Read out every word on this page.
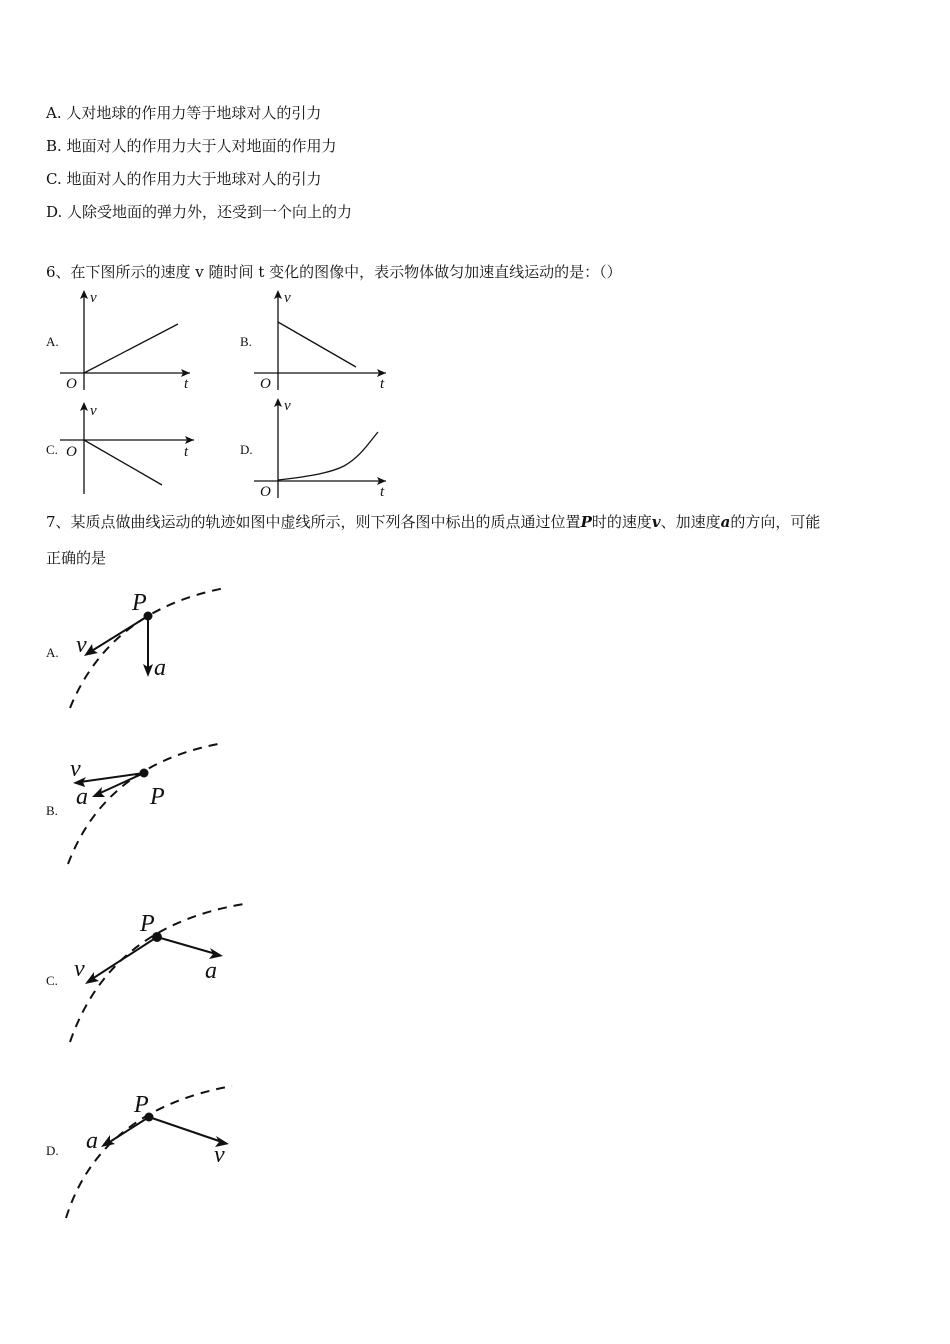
A. 人对地球的作用力等于地球对人的引力
B. 地面对人的作用力大于人对地面的作用力
C. 地面对人的作用力大于地球对人的引力
D. 人除受地面的弹力外，还受到一个向上的力
6、在下图所示的速度 v 随时间 t 变化的图像中，表示物体做匀加速直线运动的是：（）
A.	B.
C.	D.
v
t
O
v
t
O
v
t
O
v
t
O
7、某质点做曲线运动的轨迹如图中虚线所示，则下列各图中标出的质点通过位置P时的速度v、加速度a的方向，可能
正确的是
A.
B.
C.
D.
P
v
a
v
a	P
P
v	a
P
a
v
